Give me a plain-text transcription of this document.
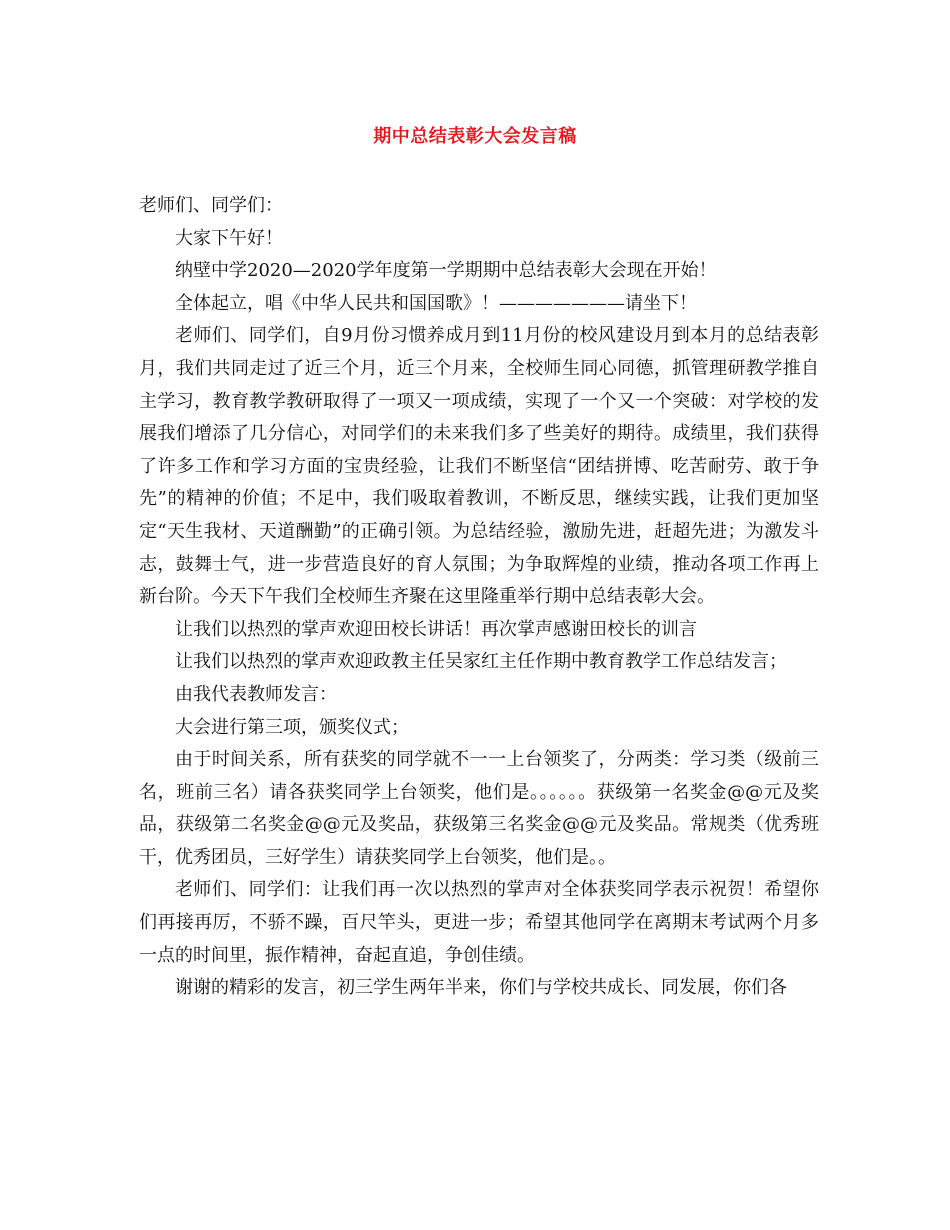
期中总结表彰大会发言稿

老师们、同学们：

大家下午好！

纳壁中学2020—2020学年度第一学期期中总结表彰大会现在开始！

全体起立，唱《中华人民共和国国歌》！———————请坐下！

老师们、同学们，自9月份习惯养成月到11月份的校风建设月到本月的总结表彰月，我们共同走过了近三个月，近三个月来，全校师生同心同德，抓管理研教学推自主学习，教育教学教研取得了一项又一项成绩，实现了一个又一个突破：对学校的发展我们增添了几分信心，对同学们的未来我们多了些美好的期待。成绩里，我们获得了许多工作和学习方面的宝贵经验，让我们不断坚信“团结拼博、吃苦耐劳、敢于争先”的精神的价值；不足中，我们吸取着教训，不断反思，继续实践，让我们更加坚定“天生我材、天道酬勤”的正确引领。为总结经验，激励先进，赶超先进；为激发斗志，鼓舞士气，进一步营造良好的育人氛围；为争取辉煌的业绩，推动各项工作再上新台阶。今天下午我们全校师生齐聚在这里隆重举行期中总结表彰大会。

让我们以热烈的掌声欢迎田校长讲话！再次掌声感谢田校长的训言

让我们以热烈的掌声欢迎政教主任吴家红主任作期中教育教学工作总结发言；

由我代表教师发言：

大会进行第三项，颁奖仪式；

由于时间关系，所有获奖的同学就不一一上台领奖了，分两类：学习类（级前三名，班前三名）请各获奖同学上台领奖，他们是。。。。。。获级第一名奖金@@元及奖品，获级第二名奖金@@元及奖品，获级第三名奖金@@元及奖品。常规类（优秀班干，优秀团员，三好学生）请获奖同学上台领奖，他们是。。

老师们、同学们：让我们再一次以热烈的掌声对全体获奖同学表示祝贺！希望你们再接再厉，不骄不躁，百尺竿头，更进一步；希望其他同学在离期末考试两个月多一点的时间里，振作精神，奋起直追，争创佳绩。

谢谢的精彩的发言，初三学生两年半来，你们与学校共成长、同发展，你们各
